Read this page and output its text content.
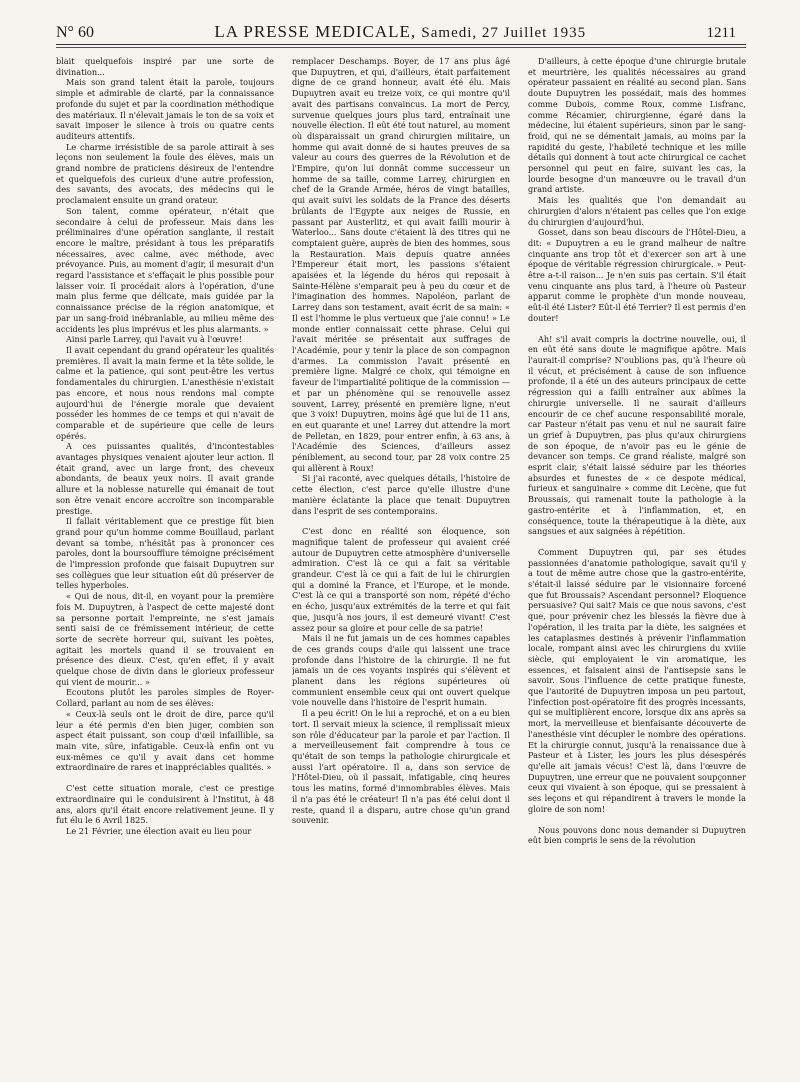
N° 60	LA PRESSE MEDICALE, Samedi, 27 Juillet 1935	1211

blait quelquefois inspiré par une sorte de divination...

Mais son grand talent était la parole, toujours simple et admirable de clarté, par la connaissance profonde du sujet et par la coordination méthodique des matériaux. Il n'élevait jamais le ton de sa voix et savait imposer le silence à trois ou quatre cents auditeurs attentifs.

Le charme irrésistible de sa parole attirait à ses leçons non seulement la foule des élèves, mais un grand nombre de praticiens désireux de l'entendre et quelquefois des curieux d'une autre profession, des savants, des avocats, des médecins qui le proclamaient ensuite un grand orateur.

Son talent, comme opérateur, n'était que secondaire à celui de professeur. Mais dans les préliminaires d'une opération sanglante, il restait encore le maître, présidant à tous les préparatifs nécessaires, avec calme, avec méthode, avec prévoyance. Puis, au moment d'agir, il mesurait d'un regard l'assistance et s'effaçait le plus possible pour laisser voir. Il procédait alors à l'opération, d'une main plus ferme que délicate, mais guidée par la connaissance précise de la région anatomique, et par un sang-froid inébranlable, au milieu même des accidents les plus imprévus et les plus alarmants. »

Ainsi parle Larrey, qui l'avait vu à l'œuvre!

Il avait cependant du grand opérateur les qualités premières. Il avait la main ferme et la tête solide, le calme et la patience, qui sont peut-être les vertus fondamentales du chirurgien. L'anesthésie n'existait pas encore, et nous nous rendons mal compte aujourd'hui de l'énergie morale que devaient posséder les hommes de ce temps et qui n'avait de comparable et de supérieure que celle de leurs opérés.

A ces puissantes qualités, d'incontestables avantages physiques venaient ajouter leur action. Il était grand, avec un large front, des cheveux abondants, de beaux yeux noirs. Il avait grande allure et la noblesse naturelle qui émanait de tout son être venait encore accroître son incomparable prestige.

Il fallait véritablement que ce prestige fût bien grand pour qu'un homme comme Bouillaud, parlant devant sa tombe, n'hésitât pas à prononcer ces paroles, dont la boursoufflure témoigne précisément de l'impression profonde que faisait Dupuytren sur ses collègues que leur situation eût dû préserver de telles hyperboles.

« Qui de nous, dit-il, en voyant pour la première fois M. Dupuytren, à l'aspect de cette majesté dont sa personne portait l'empreinte, ne s'est jamais senti saisi de ce frémissement intérieur, de cette sorte de secrète horreur qui, suivant les poètes, agitait les mortels quand il se trouvaient en présence des dieux. C'est, qu'en effet, il y avait quelque chose de divin dans le glorieux professeur qui vient de mourir... »

Ecoutons plutôt les paroles simples de Royer-Collard, parlant au nom de ses élèves:

« Ceux-là seuls ont le droit de dire, parce qu'il leur a été permis d'en bien juger, combien son aspect était puissant, son coup d'œil infaillible, sa main vite, sûre, infatigable. Ceux-là enfin ont vu eux-mêmes ce qu'il y avait dans cet homme extraordinaire de rares et inappréciables qualités. »

C'est cette situation morale, c'est ce prestige extraordinaire qui le conduisirent à l'Institut, à 48 ans, alors qu'il était encore relativement jeune. Il y fut élu le 6 Avril 1825.

Le 21 Février, une élection avait eu lieu pour

remplacer Deschamps. Boyer, de 17 ans plus âgé que Dupuytren, et qui, d'ailleurs, était parfaitement digne de ce grand honneur, avait été élu. Mais Dupuytren avait eu treize voix, ce qui montre qu'il avait des partisans convaincus. La mort de Percy, survenue quelques jours plus tard, entraînait une nouvelle élection. Il eût été tout naturel, au moment où disparaissait un grand chirurgien militaire, un homme qui avait donné de si hautes preuves de sa valeur au cours des guerres de la Révolution et de l'Empire, qu'on lui donnât comme successeur un homme de sa taille, comme Larrey, chirurgien en chef de la Grande Armée, héros de vingt batailles, qui avait suivi les soldats de la France des déserts brûlants de l'Egypte aux neiges de Russie, en passant par Austerlitz, et qui avait failli mourir à Waterloo... Sans doute c'étaient là des titres qui ne comptaient guère, auprès de bien des hommes, sous la Restauration. Mais depuis quatre années l'Empereur était mort, les passions s'étaient apaisées et la légende du héros qui reposait à Sainte-Hélène s'emparait peu à peu du cœur et de l'imagination des hommes. Napoléon, parlant de Larrey dans son testament, avait écrit de sa main: « Il est l'homme le plus vertueux que j'aie connu! » Le monde entier connaissait cette phrase. Celui qui l'avait méritée se présentait aux suffrages de l'Académie, pour y tenir la place de son compagnon d'armes. La commission l'avait présenté en première ligne. Malgré ce choix, qui témoigne en faveur de l'impartialité politique de la commission — et par un phénomène qui se renouvelle assez souvent, Larrey, présenté en première ligne, n'eut que 3 voix! Dupuytren, moins âgé que lui de 11 ans, en eut quarante et une! Larrey dut attendre la mort de Pelletan, en 1829, pour entrer enfin, à 63 ans, à l'Académie des Sciences, d'ailleurs assez péniblement, au second tour, par 28 voix contre 25 qui allèrent à Roux!

Si j'ai raconté, avec quelques détails, l'histoire de cette élection, c'est parce qu'elle illustre d'une manière éclatante la place que tenait Dupuytren dans l'esprit de ses contemporains.

C'est donc en réalité son éloquence, son magnifique talent de professeur qui avaient créé autour de Dupuytren cette atmosphère d'universelle admiration. C'est là ce qui a fait sa véritable grandeur. C'est là ce qui a fait de lui le chirurgien qui a dominé la France, et l'Europe, et le monde. C'est là ce qui a transporté son nom, répété d'écho en écho, jusqu'aux extrémités de la terre et qui fait que, jusqu'à nos jours, il est demeuré vivant! C'est assez pour sa gloire et pour celle de sa patrie!

Mais il ne fut jamais un de ces hommes capables de ces grands coups d'aile qui laissent une trace profonde dans l'histoire de la chirurgie. Il ne fut jamais un de ces voyants inspirés qui s'élèvent et planent dans les régions supérieures où communient ensemble ceux qui ont ouvert quelque voie nouvelle dans l'histoire de l'esprit humain.

Il a peu écrit! On le lui a reproché, et on a eu bien tort. Il servait mieux la science, il remplissait mieux son rôle d'éducateur par la parole et par l'action. Il a merveilleusement fait comprendre à tous ce qu'était de son temps la pathologie chirurgicale et aussi l'art opératoire. Il a, dans son service de l'Hôtel-Dieu, où il passait, infatigable, cinq heures tous les matins, formé d'innombrables élèves. Mais il n'a pas été le créateur! Il n'a pas été celui dont il reste, quand il a disparu, autre chose qu'un grand souvenir.

D'ailleurs, à cette époque d'une chirurgie brutale et meurtrière, les qualités nécessaires au grand opérateur passaient en réalité au second plan. Sans doute Dupuytren les possédait, mais des hommes comme Dubois, comme Roux, comme Lisfranc, comme Récamier, chirurgienne, égaré dans la médecine, lui étaient supérieurs, sinon par le sang-froid, qui ne se démentait jamais, au moins par la rapidité du geste, l'habileté technique et les mille détails qui donnent à tout acte chirurgical ce cachet personnel qui peut en faire, suivant les cas, la lourde besogne d'un manœuvre ou le travail d'un grand artiste.

Mais les qualités que l'on demandait au chirurgien d'alors n'étaient pas celles que l'on exige du chirurgien d'aujourd'hui.

Gosset, dans son beau discours de l'Hôtel-Dieu, a dit: « Dupuytren a eu le grand malheur de naître cinquante ans trop tôt et d'exercer son art à une époque de véritable régression chirurgicale. » Peut-être a-t-il raison... Je n'en suis pas certain. S'il était venu cinquante ans plus tard, à l'heure où Pasteur apparut comme le prophète d'un monde nouveau, eût-il été Lister? Eût-il été Terrier? Il est permis d'en douter!

Ah! s'il avait compris la doctrine nouvelle, oui, il en eût été sans doute le magnifique apôtre. Mais l'aurait-il comprise? N'oublions pas, qu'à l'heure où il vécut, et précisément à cause de son influence profonde, il a été un des auteurs principaux de cette régression qui a failli entraîner aux abîmes la chirurgie universelle. Il ne saurait d'ailleurs encourir de ce chef aucune responsabilité morale, car Pasteur n'était pas venu et nul ne saurait faire un grief à Dupuytren, pas plus qu'aux chirurgiens de son époque, de n'avoir pas eu le génie de devancer son temps. Ce grand réaliste, malgré son esprit clair, s'était laissé séduire par les théories absurdes et funestes de « ce despote médical, furieux et sanguinaire » comme dit Lecène, que fut Broussais, qui ramenait toute la pathologie à la gastro-entérite et à l'inflammation, et, en conséquence, toute la thérapeutique à la diète, aux sangsues et aux saignées à répétition.

Comment Dupuytren qui, par ses études passionnées d'anatomie pathologique, savait qu'il y a tout de même autre chose que la gastro-entérite, s'était-il laissé séduire par le visionnaire forcené que fut Broussais? Ascendant personnel? Eloquence persuasive? Qui sait? Mais ce que nous savons, c'est que, pour prévenir chez les blessés la fièvre due à l'opération, il les traita par la diète, les saignées et les cataplasmes destinés à prévenir l'inflammation locale, rompant ainsi avec les chirurgiens du xviiie siècle, qui employaient le vin aromatique, les essences, et faisaient ainsi de l'antisepsie sans le savoir. Sous l'influence de cette pratique funeste, que l'autorité de Dupuytren imposa un peu partout, l'infection post-opératoire fit des progrès incessants, qui se multiplièrent encore, lorsque dix ans après sa mort, la merveilleuse et bienfaisante découverte de l'anesthésie vint décupler le nombre des opérations. Et la chirurgie connut, jusqu'à la renaissance due à Pasteur et à Lister, les jours les plus désespérés qu'elle ait jamais vécus! C'est là, dans l'œuvre de Dupuytren, une erreur que ne pouvaient soupçonner ceux qui vivaient à son époque, qui se pressaient à ses leçons et qui répandirent à travers le monde la gloire de son nom!

Nous pouvons donc nous demander si Dupuytren eût bien compris le sens de la révolution
